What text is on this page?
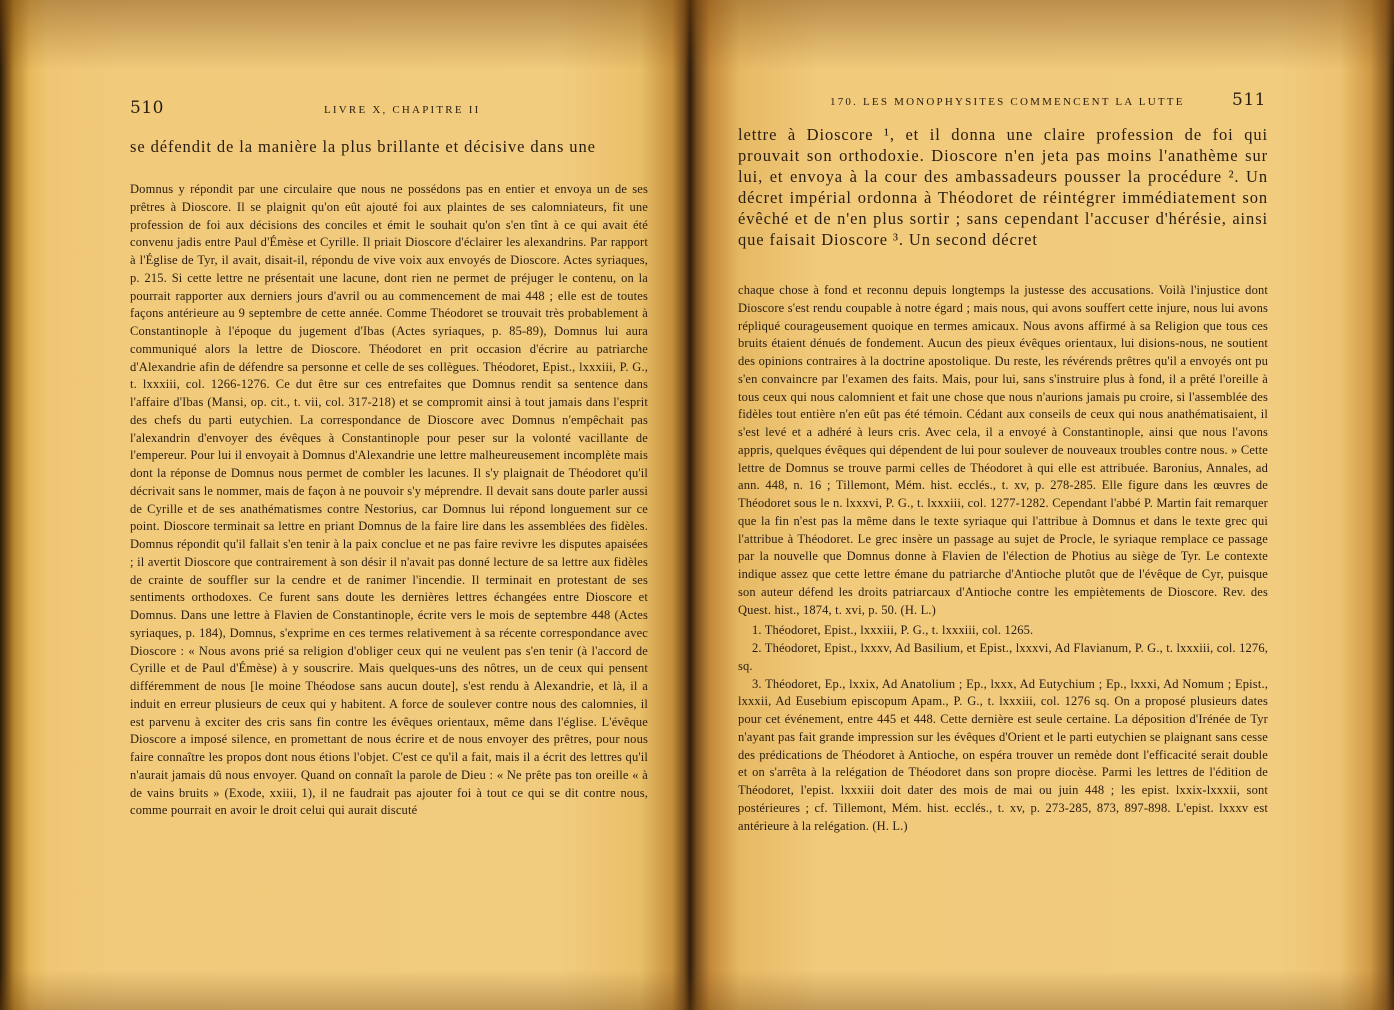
510	LIVRE X, CHAPITRE II

se défendit de la manière la plus brillante et décisive dans une

Domnus y répondit par une circulaire que nous ne possédons pas en entier et envoya un de ses prêtres à Dioscore. Il se plaignit qu'on eût ajouté foi aux plaintes de ses calomniateurs, fit une profession de foi aux décisions des conciles et émit le souhait qu'on s'en tînt à ce qui avait été convenu jadis entre Paul d'Émèse et Cyrille. Il priait Dioscore d'éclairer les alexandrins. Par rapport à l'Église de Tyr, il avait, disait-il, répondu de vive voix aux envoyés de Dioscore. Actes syriaques, p. 215. Si cette lettre ne présentait une lacune, dont rien ne permet de préjuger le contenu, on la pourrait rapporter aux derniers jours d'avril ou au commencement de mai 448 ; elle est de toutes façons antérieure au 9 septembre de cette année. Comme Théodoret se trouvait très probablement à Constantinople à l'époque du jugement d'Ibas (Actes syriaques, p. 85-89), Domnus lui aura communiqué alors la lettre de Dioscore. Théodoret en prit occasion d'écrire au patriarche d'Alexandrie afin de défendre sa personne et celle de ses collègues. Théodoret, Epist., lxxxiii, P. G., t. lxxxiii, col. 1266-1276. Ce dut être sur ces entrefaites que Domnus rendit sa sentence dans l'affaire d'Ibas (Mansi, op. cit., t. vii, col. 317-218) et se compromit ainsi à tout jamais dans l'esprit des chefs du parti eutychien. La correspondance de Dioscore avec Domnus n'empêchait pas l'alexandrin d'envoyer des évêques à Constantinople pour peser sur la volonté vacillante de l'empereur. Pour lui il envoyait à Domnus d'Alexandrie une lettre malheureusement incomplète mais dont la réponse de Domnus nous permet de combler les lacunes. Il s'y plaignait de Théodoret qu'il décrivait sans le nommer, mais de façon à ne pouvoir s'y méprendre. Il devait sans doute parler aussi de Cyrille et de ses anathématismes contre Nestorius, car Domnus lui répond longuement sur ce point. Dioscore terminait sa lettre en priant Domnus de la faire lire dans les assemblées des fidèles. Domnus répondit qu'il fallait s'en tenir à la paix conclue et ne pas faire revivre les disputes apaisées ; il avertit Dioscore que contrairement à son désir il n'avait pas donné lecture de sa lettre aux fidèles de crainte de souffler sur la cendre et de ranimer l'incendie. Il terminait en protestant de ses sentiments orthodoxes. Ce furent sans doute les dernières lettres échangées entre Dioscore et Domnus. Dans une lettre à Flavien de Constantinople, écrite vers le mois de septembre 448 (Actes syriaques, p. 184), Domnus, s'exprime en ces termes relativement à sa récente correspondance avec Dioscore : « Nous avons prié sa religion d'obliger ceux qui ne veulent pas s'en tenir (à l'accord de Cyrille et de Paul d'Émèse) à y souscrire. Mais quelques-uns des nôtres, un de ceux qui pensent différemment de nous [le moine Théodose sans aucun doute], s'est rendu à Alexandrie, et là, il a induit en erreur plusieurs de ceux qui y habitent. A force de soulever contre nous des calomnies, il est parvenu à exciter des cris sans fin contre les évêques orientaux, même dans l'église. L'évêque Dioscore a imposé silence, en promettant de nous écrire et de nous envoyer des prêtres, pour nous faire connaître les propos dont nous étions l'objet. C'est ce qu'il a fait, mais il a écrit des lettres qu'il n'aurait jamais dû nous envoyer. Quand on connaît la parole de Dieu : « Ne prête pas ton oreille « à de vains bruits » (Exode, xxiii, 1), il ne faudrait pas ajouter foi à tout ce qui se dit contre nous, comme pourrait en avoir le droit celui qui aurait discuté

170. LES MONOPHYSITES COMMENCENT LA LUTTE	511

lettre à Dioscore ¹, et il donna une claire profession de foi qui prouvait son orthodoxie. Dioscore n'en jeta pas moins l'anathème sur lui, et envoya à la cour des ambassadeurs pousser la procédure ². Un décret impérial ordonna à Théodoret de réintégrer immédiatement son évêché et de n'en plus sortir ; sans cependant l'accuser d'hérésie, ainsi que faisait Dioscore ³. Un second décret

chaque chose à fond et reconnu depuis longtemps la justesse des accusations. Voilà l'injustice dont Dioscore s'est rendu coupable à notre égard ; mais nous, qui avons souffert cette injure, nous lui avons répliqué courageusement quoique en termes amicaux. Nous avons affirmé à sa Religion que tous ces bruits étaient dénués de fondement. Aucun des pieux évêques orientaux, lui disions-nous, ne soutient des opinions contraires à la doctrine apostolique. Du reste, les révérends prêtres qu'il a envoyés ont pu s'en convaincre par l'examen des faits. Mais, pour lui, sans s'instruire plus à fond, il a prêté l'oreille à tous ceux qui nous calomnient et fait une chose que nous n'aurions jamais pu croire, si l'assemblée des fidèles tout entière n'en eût pas été témoin. Cédant aux conseils de ceux qui nous anathématisaient, il s'est levé et a adhéré à leurs cris. Avec cela, il a envoyé à Constantinople, ainsi que nous l'avons appris, quelques évêques qui dépendent de lui pour soulever de nouveaux troubles contre nous. » Cette lettre de Domnus se trouve parmi celles de Théodoret à qui elle est attribuée. Baronius, Annales, ad ann. 448, n. 16 ; Tillemont, Mém. hist. ecclés., t. xv, p. 278-285. Elle figure dans les œuvres de Théodoret sous le n. lxxxvi, P. G., t. lxxxiii, col. 1277-1282. Cependant l'abbé P. Martin fait remarquer que la fin n'est pas la même dans le texte syriaque qui l'attribue à Domnus et dans le texte grec qui l'attribue à Théodoret. Le grec insère un passage au sujet de Procle, le syriaque remplace ce passage par la nouvelle que Domnus donne à Flavien de l'élection de Photius au siège de Tyr. Le contexte indique assez que cette lettre émane du patriarche d'Antioche plutôt que de l'évêque de Cyr, puisque son auteur défend les droits patriarcaux d'Antioche contre les empiètements de Dioscore. Rev. des Quest. hist., 1874, t. xvi, p. 50. (H. L.)

1. Théodoret, Epist., lxxxiii, P. G., t. lxxxiii, col. 1265.

2. Théodoret, Epist., lxxxv, Ad Basilium, et Epist., lxxxvi, Ad Flavianum, P. G., t. lxxxiii, col. 1276, sq.

3. Théodoret, Ep., lxxix, Ad Anatolium ; Ep., lxxx, Ad Eutychium ; Ep., lxxxi, Ad Nomum ; Epist., lxxxii, Ad Eusebium episcopum Apam., P. G., t. lxxxiii, col. 1276 sq. On a proposé plusieurs dates pour cet événement, entre 445 et 448. Cette dernière est seule certaine. La déposition d'Irénée de Tyr n'ayant pas fait grande impression sur les évêques d'Orient et le parti eutychien se plaignant sans cesse des prédications de Théodoret à Antioche, on espéra trouver un remède dont l'efficacité serait double et on s'arrêta à la relégation de Théodoret dans son propre diocèse. Parmi les lettres de l'édition de Théodoret, l'epist. lxxxiii doit dater des mois de mai ou juin 448 ; les epist. lxxix-lxxxii, sont postérieures ; cf. Tillemont, Mém. hist. ecclés., t. xv, p. 273-285, 873, 897-898. L'epist. lxxxv est antérieure à la relégation. (H. L.)
